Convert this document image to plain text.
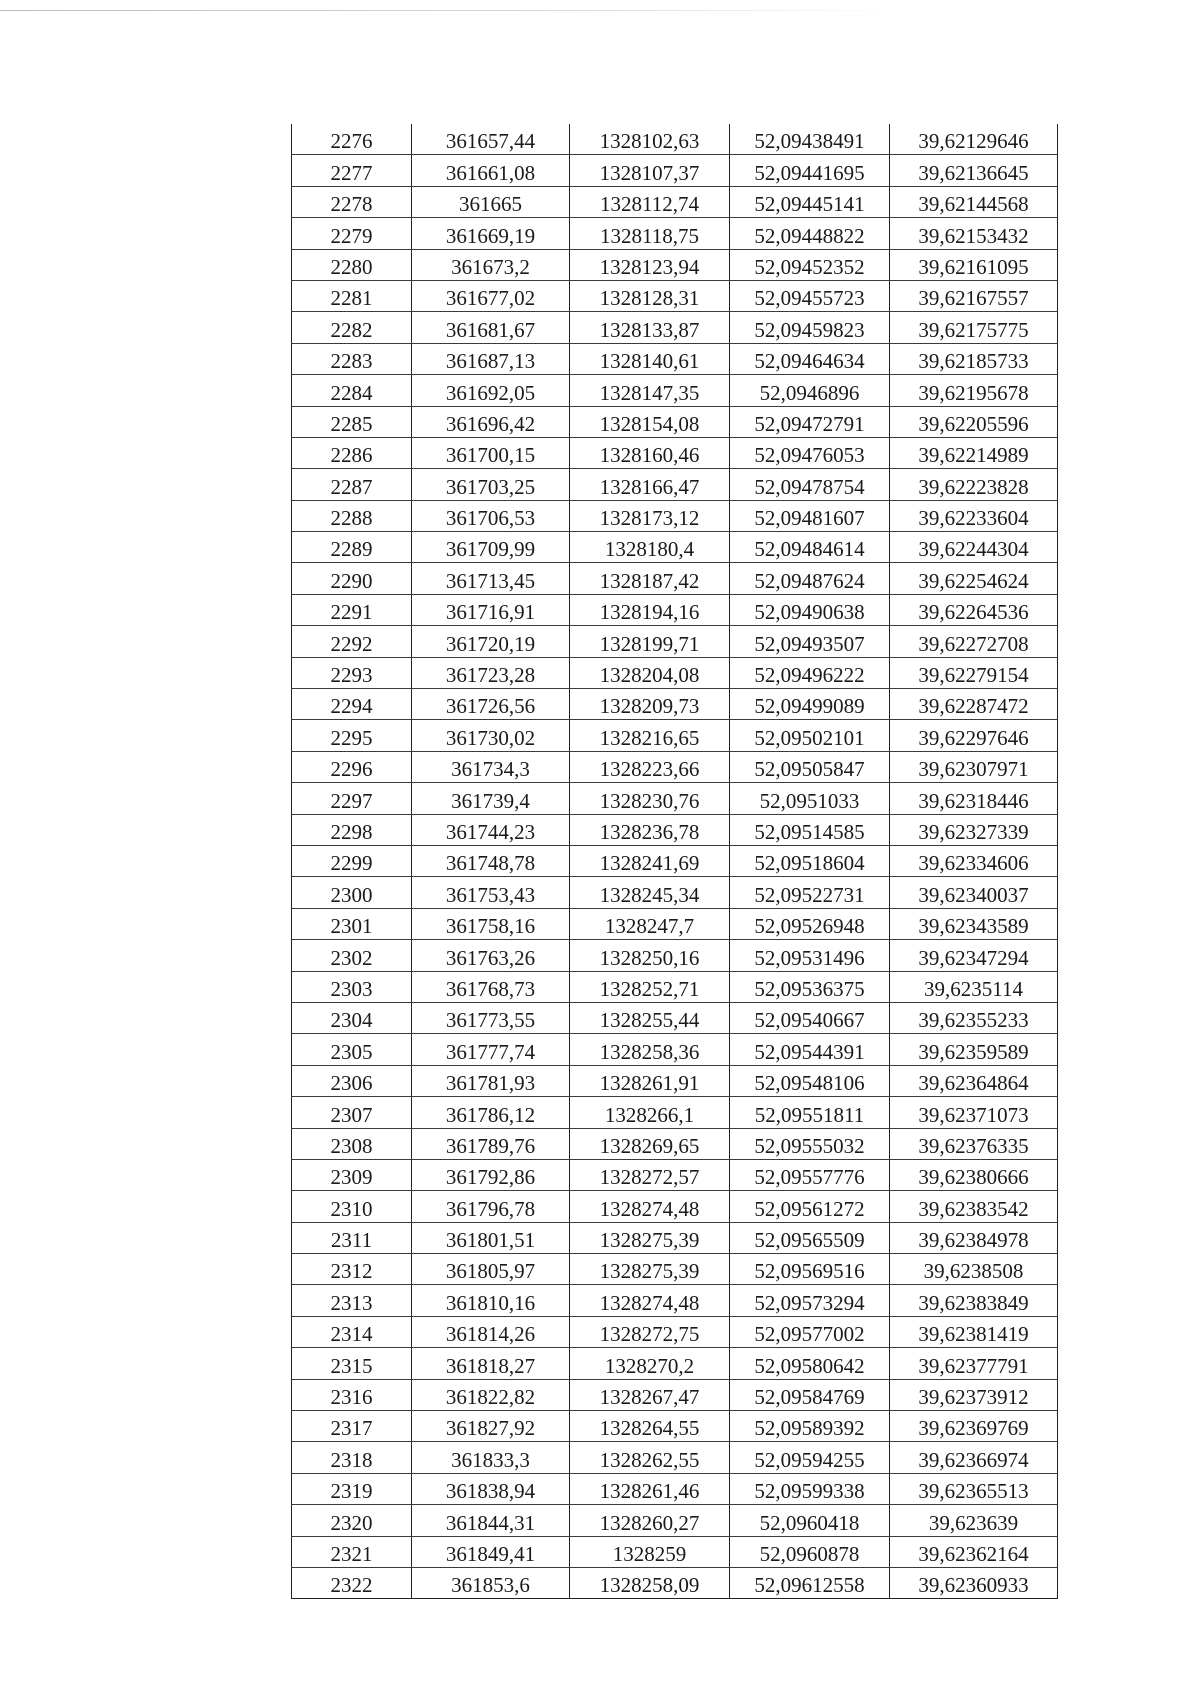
2276	361657,44	1328102,63	52,09438491	39,62129646
2277	361661,08	1328107,37	52,09441695	39,62136645
2278	361665	1328112,74	52,09445141	39,62144568
2279	361669,19	1328118,75	52,09448822	39,62153432
2280	361673,2	1328123,94	52,09452352	39,62161095
2281	361677,02	1328128,31	52,09455723	39,62167557
2282	361681,67	1328133,87	52,09459823	39,62175775
2283	361687,13	1328140,61	52,09464634	39,62185733
2284	361692,05	1328147,35	52,0946896	39,62195678
2285	361696,42	1328154,08	52,09472791	39,62205596
2286	361700,15	1328160,46	52,09476053	39,62214989
2287	361703,25	1328166,47	52,09478754	39,62223828
2288	361706,53	1328173,12	52,09481607	39,62233604
2289	361709,99	1328180,4	52,09484614	39,62244304
2290	361713,45	1328187,42	52,09487624	39,62254624
2291	361716,91	1328194,16	52,09490638	39,62264536
2292	361720,19	1328199,71	52,09493507	39,62272708
2293	361723,28	1328204,08	52,09496222	39,62279154
2294	361726,56	1328209,73	52,09499089	39,62287472
2295	361730,02	1328216,65	52,09502101	39,62297646
2296	361734,3	1328223,66	52,09505847	39,62307971
2297	361739,4	1328230,76	52,0951033	39,62318446
2298	361744,23	1328236,78	52,09514585	39,62327339
2299	361748,78	1328241,69	52,09518604	39,62334606
2300	361753,43	1328245,34	52,09522731	39,62340037
2301	361758,16	1328247,7	52,09526948	39,62343589
2302	361763,26	1328250,16	52,09531496	39,62347294
2303	361768,73	1328252,71	52,09536375	39,6235114
2304	361773,55	1328255,44	52,09540667	39,62355233
2305	361777,74	1328258,36	52,09544391	39,62359589
2306	361781,93	1328261,91	52,09548106	39,62364864
2307	361786,12	1328266,1	52,09551811	39,62371073
2308	361789,76	1328269,65	52,09555032	39,62376335
2309	361792,86	1328272,57	52,09557776	39,62380666
2310	361796,78	1328274,48	52,09561272	39,62383542
2311	361801,51	1328275,39	52,09565509	39,62384978
2312	361805,97	1328275,39	52,09569516	39,6238508
2313	361810,16	1328274,48	52,09573294	39,62383849
2314	361814,26	1328272,75	52,09577002	39,62381419
2315	361818,27	1328270,2	52,09580642	39,62377791
2316	361822,82	1328267,47	52,09584769	39,62373912
2317	361827,92	1328264,55	52,09589392	39,62369769
2318	361833,3	1328262,55	52,09594255	39,62366974
2319	361838,94	1328261,46	52,09599338	39,62365513
2320	361844,31	1328260,27	52,0960418	39,623639
2321	361849,41	1328259	52,0960878	39,62362164
2322	361853,6	1328258,09	52,09612558	39,62360933
